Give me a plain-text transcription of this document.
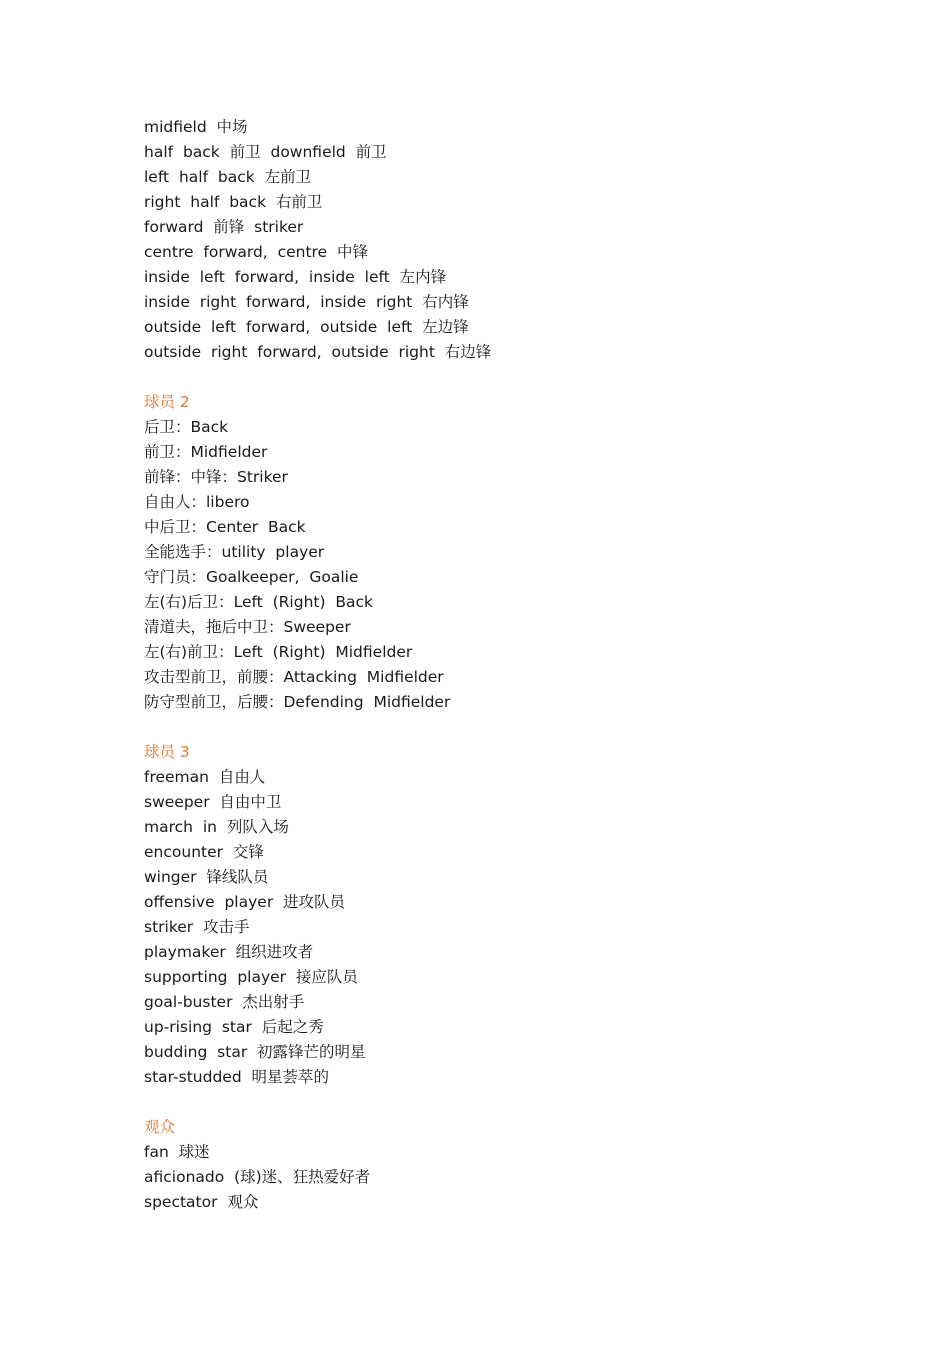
midfield  中场
half  back  前卫  downfield  前卫
left  half  back  左前卫
right  half  back  右前卫
forward  前锋  striker
centre  forward,  centre  中锋
inside  left  forward,  inside  left  左内锋
inside  right  forward,  inside  right  右内锋
outside  left  forward,  outside  left  左边锋
outside  right  forward,  outside  right  右边锋
球员 2
后卫：Back
前卫：Midfielder
前锋：中锋：Striker
自由人：libero
中后卫：Center  Back
全能选手：utility  player
守门员：Goalkeeper,  Goalie
左(右)后卫：Left  (Right)  Back
清道夫，拖后中卫：Sweeper
左(右)前卫：Left  (Right)  Midfielder
攻击型前卫，前腰：Attacking  Midfielder
防守型前卫，后腰：Defending  Midfielder
球员 3
freeman  自由人
sweeper  自由中卫
march  in  列队入场
encounter  交锋
winger  锋线队员
offensive  player  进攻队员
striker  攻击手
playmaker  组织进攻者
supporting  player  接应队员
goal-buster  杰出射手
up-rising  star  后起之秀
budding  star  初露锋芒的明星
star-studded  明星荟萃的
观众
fan  球迷
aficionado  (球)迷、狂热爱好者
spectator  观众
